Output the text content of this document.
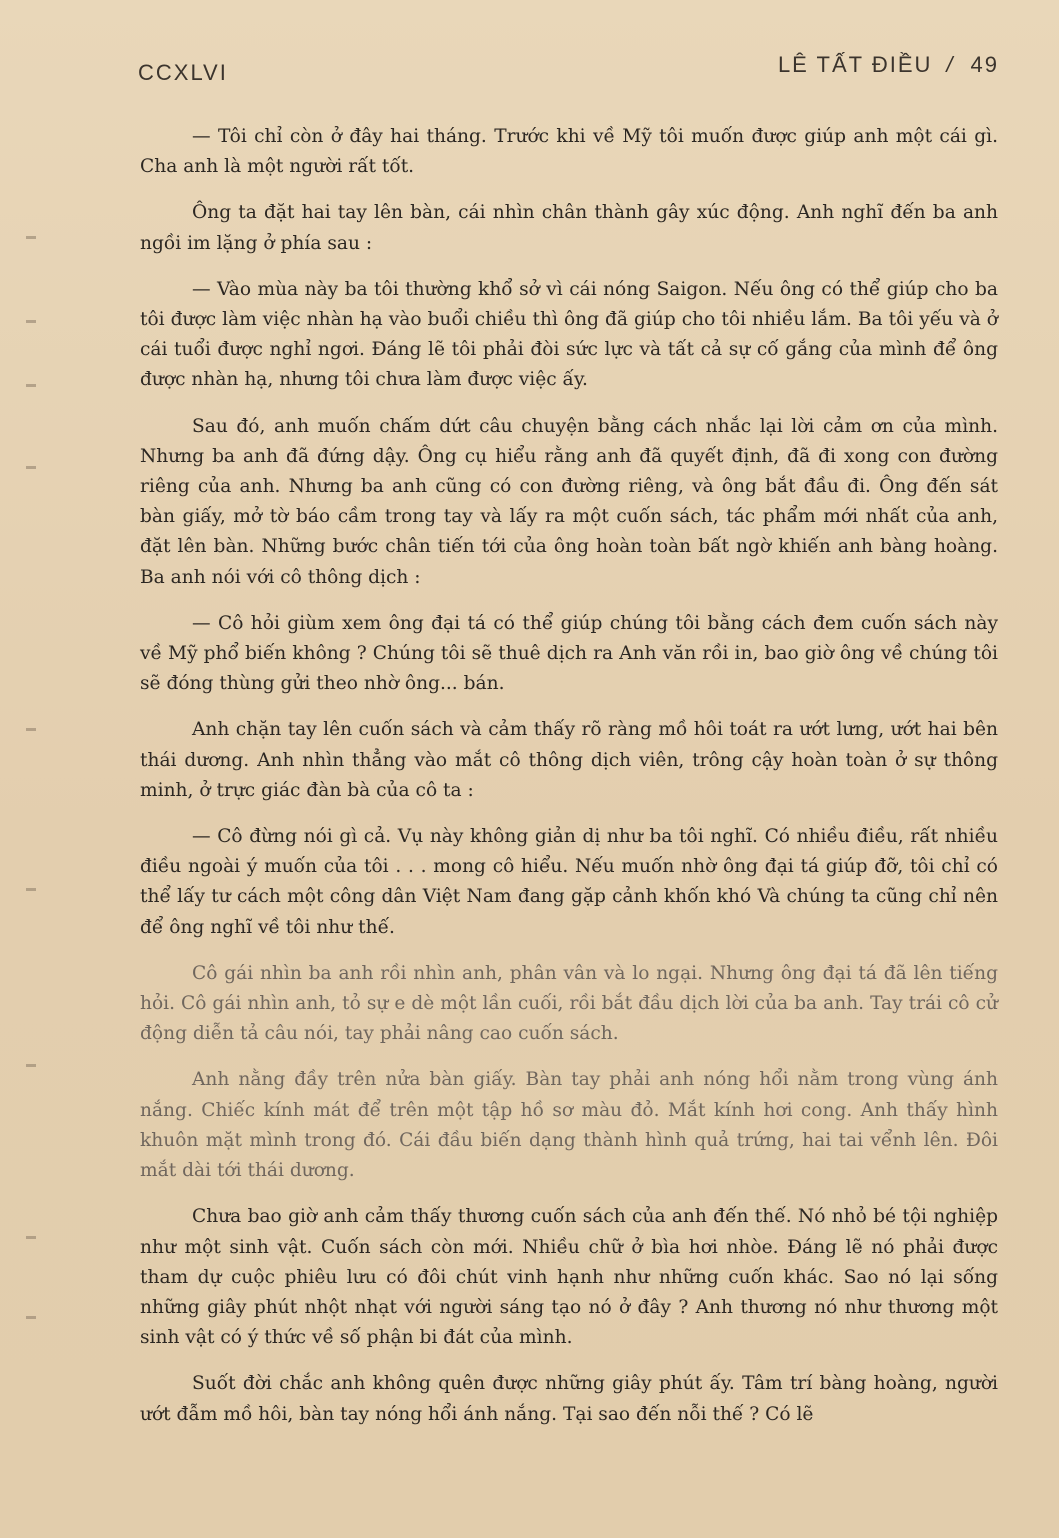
CCXLVI	LÊ TẤT ĐIỀU / 49

— Tôi chỉ còn ở đây hai tháng. Trước khi về Mỹ tôi muốn được giúp anh một cái gì. Cha anh là một người rất tốt.

Ông ta đặt hai tay lên bàn, cái nhìn chân thành gây xúc động. Anh nghĩ đến ba anh ngồi im lặng ở phía sau :

— Vào mùa này ba tôi thường khổ sở vì cái nóng Saigon. Nếu ông có thể giúp cho ba tôi được làm việc nhàn hạ vào buổi chiều thì ông đã giúp cho tôi nhiều lắm. Ba tôi yếu và ở cái tuổi được nghỉ ngơi. Đáng lẽ tôi phải đòi sức lực và tất cả sự cố gắng của mình để ông được nhàn hạ, nhưng tôi chưa làm được việc ấy.

Sau đó, anh muốn chấm dứt câu chuyện bằng cách nhắc lại lời cảm ơn của mình. Nhưng ba anh đã đứng dậy. Ông cụ hiểu rằng anh đã quyết định, đã đi xong con đường riêng của anh. Nhưng ba anh cũng có con đường riêng, và ông bắt đầu đi. Ông đến sát bàn giấy, mở tờ báo cầm trong tay và lấy ra một cuốn sách, tác phẩm mới nhất của anh, đặt lên bàn. Những bước chân tiến tới của ông hoàn toàn bất ngờ khiến anh bàng hoàng. Ba anh nói với cô thông dịch :

— Cô hỏi giùm xem ông đại tá có thể giúp chúng tôi bằng cách đem cuốn sách này về Mỹ phổ biến không ? Chúng tôi sẽ thuê dịch ra Anh văn rồi in, bao giờ ông về chúng tôi sẽ đóng thùng gửi theo nhờ ông... bán.

Anh chặn tay lên cuốn sách và cảm thấy rõ ràng mồ hôi toát ra ướt lưng, ướt hai bên thái dương. Anh nhìn thẳng vào mắt cô thông dịch viên, trông cậy hoàn toàn ở sự thông minh, ở trực giác đàn bà của cô ta :

— Cô đừng nói gì cả. Vụ này không giản dị như ba tôi nghĩ. Có nhiều điều, rất nhiều điều ngoài ý muốn của tôi . . . mong cô hiểu. Nếu muốn nhờ ông đại tá giúp đỡ, tôi chỉ có thể lấy tư cách một công dân Việt Nam đang gặp cảnh khốn khó Và chúng ta cũng chỉ nên để ông nghĩ về tôi như thế.

Cô gái nhìn ba anh rồi nhìn anh, phân vân và lo ngại. Nhưng ông đại tá đã lên tiếng hỏi. Cô gái nhìn anh, tỏ sự e dè một lần cuối, rồi bắt đầu dịch lời của ba anh. Tay trái cô cử động diễn tả câu nói, tay phải nâng cao cuốn sách.

Anh nằng đầy trên nửa bàn giấy. Bàn tay phải anh nóng hổi nằm trong vùng ánh nắng. Chiếc kính mát để trên một tập hồ sơ màu đỏ. Mắt kính hơi cong. Anh thấy hình khuôn mặt mình trong đó. Cái đầu biến dạng thành hình quả trứng, hai tai vểnh lên. Đôi mắt dài tới thái dương.

Chưa bao giờ anh cảm thấy thương cuốn sách của anh đến thế. Nó nhỏ bé tội nghiệp như một sinh vật. Cuốn sách còn mới. Nhiều chữ ở bìa hơi nhòe. Đáng lẽ nó phải được tham dự cuộc phiêu lưu có đôi chút vinh hạnh như những cuốn khác. Sao nó lại sống những giây phút nhột nhạt với người sáng tạo nó ở đây ? Anh thương nó như thương một sinh vật có ý thức về số phận bi đát của mình.

Suốt đời chắc anh không quên được những giây phút ấy. Tâm trí bàng hoàng, người ướt đẫm mồ hôi, bàn tay nóng hổi ánh nắng. Tại sao đến nỗi thế ? Có lẽ
